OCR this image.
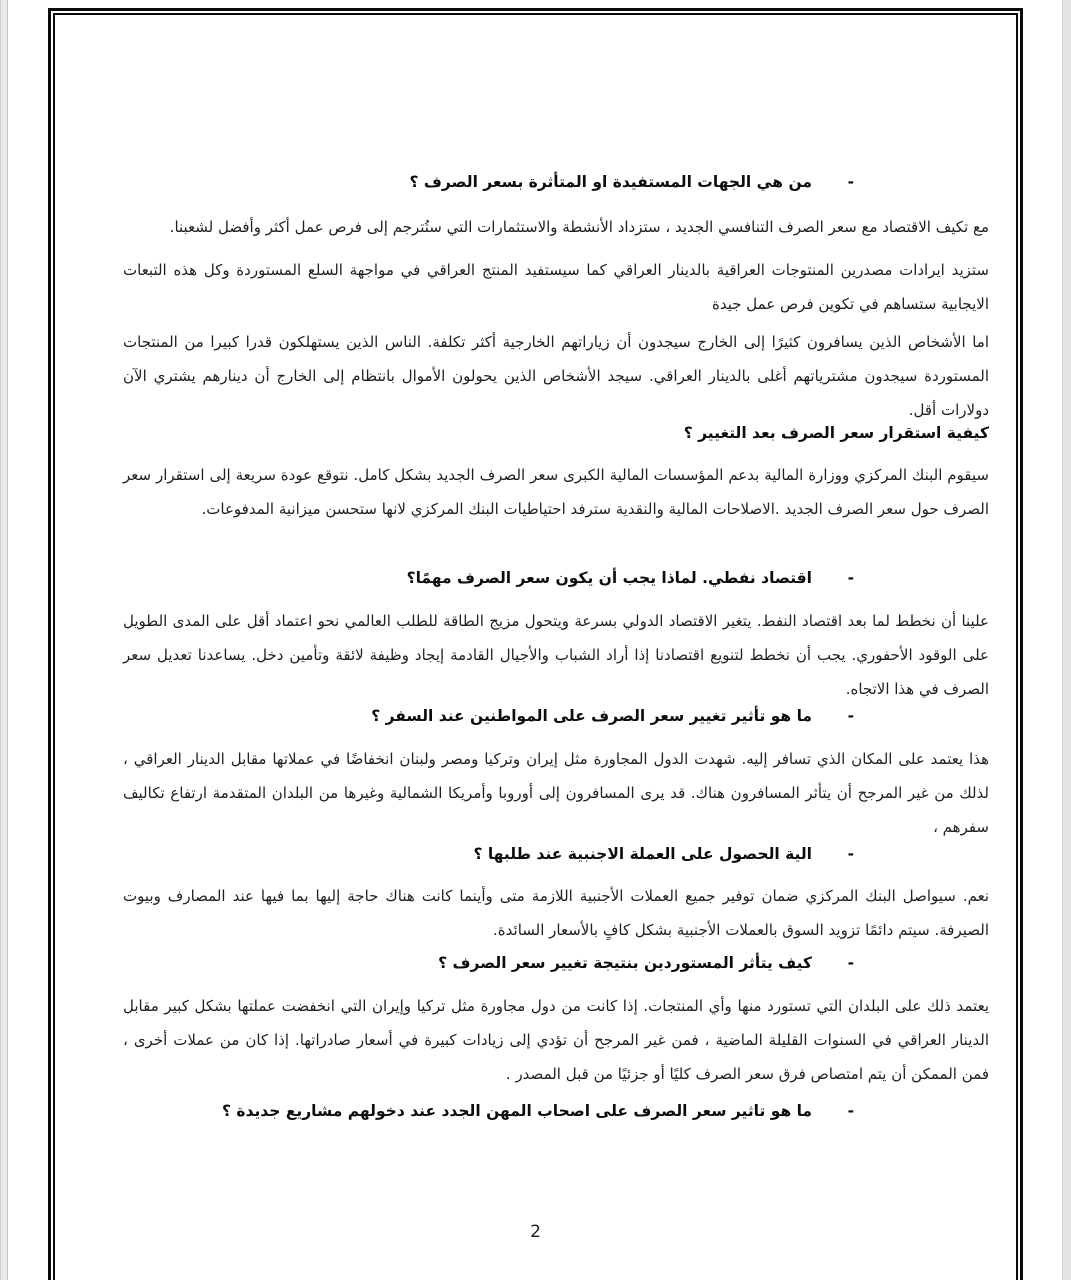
-من هي الجهات المستفيدة او المتأثرة بسعر الصرف ؟

مع تكيف الاقتصاد مع سعر الصرف التنافسي الجديد ، ستزداد الأنشطة والاستثمارات التي ستُترجم إلى فرص عمل أكثر وأفضل لشعبنا.

ستزيد ايرادات مصدرين المنتوجات العراقية بالدينار العراقي كما سيستفيد المنتج العراقي في مواجهة السلع المستوردة وكل هذه التبعات الايجابية ستساهم في تكوين فرص عمل جيدة

اما الأشخاص الذين يسافرون كثيرًا إلى الخارج سيجدون أن زياراتهم الخارجية أكثر تكلفة. الناس الذين يستهلكون قدرا كبيرا من المنتجات المستوردة سيجدون مشترياتهم أغلى بالدينار العراقي. سيجد الأشخاص الذين يحولون الأموال بانتظام إلى الخارج أن دينارهم يشتري الآن دولارات أقل.

كيفية استقرار سعر الصرف بعد التغيير ؟

سيقوم البنك المركزي ووزارة المالية بدعم المؤسسات المالية الكبرى سعر الصرف الجديد بشكل كامل. نتوقع عودة سريعة إلى استقرار سعر الصرف حول سعر الصرف الجديد .الاصلاحات المالية والنقدية سترفد احتياطيات البنك المركزي لانها ستحسن ميزانية المدفوعات.

-اقتصاد نفطي. لماذا يجب أن يكون سعر الصرف مهمًا؟

علينا أن نخطط لما بعد اقتصاد النفط. يتغير الاقتصاد الدولي بسرعة ويتحول مزيج الطاقة للطلب العالمي نحو اعتماد أقل على المدى الطويل على الوقود الأحفوري. يجب أن نخطط لتنويع اقتصادنا إذا أراد الشباب والأجيال القادمة إيجاد وظيفة لائقة وتأمين دخل. يساعدنا تعديل سعر الصرف في هذا الاتجاه.

-ما هو تأثير تغيير سعر الصرف على المواطنين عند السفر ؟

هذا يعتمد على المكان الذي تسافر إليه. شهدت الدول المجاورة مثل إيران وتركيا ومصر ولبنان انخفاضًا في عملاتها مقابل الدينار العراقي ، لذلك من غير المرجح أن يتأثر المسافرون هناك. قد يرى المسافرون إلى أوروبا وأمريكا الشمالية وغيرها من البلدان المتقدمة ارتفاع تكاليف سفرهم ،

-الية الحصول على العملة الاجنبية عند طلبها ؟

نعم. سيواصل البنك المركزي ضمان توفير جميع العملات الأجنبية اللازمة متى وأينما كانت هناك حاجة إليها بما فيها عند المصارف وبيوت الصيرفة. سيتم دائمًا تزويد السوق بالعملات الأجنبية بشكل كافٍ بالأسعار السائدة.

-كيف يتأثر المستوردين بنتيجة تغيير سعر الصرف ؟

يعتمد ذلك على البلدان التي تستورد منها وأي المنتجات. إذا كانت من دول مجاورة مثل تركيا وإيران التي انخفضت عملتها بشكل كبير مقابل الدينار العراقي في السنوات القليلة الماضية ، فمن غير المرجح أن تؤدي إلى زيادات كبيرة في أسعار صادراتها. إذا كان من عملات أخرى ، فمن الممكن أن يتم امتصاص فرق سعر الصرف كليًا أو جزئيًا من قبل المصدر .

-ما هو تاثير سعر الصرف على اصحاب المهن الجدد عند دخولهم مشاريع جديدة ؟
2
